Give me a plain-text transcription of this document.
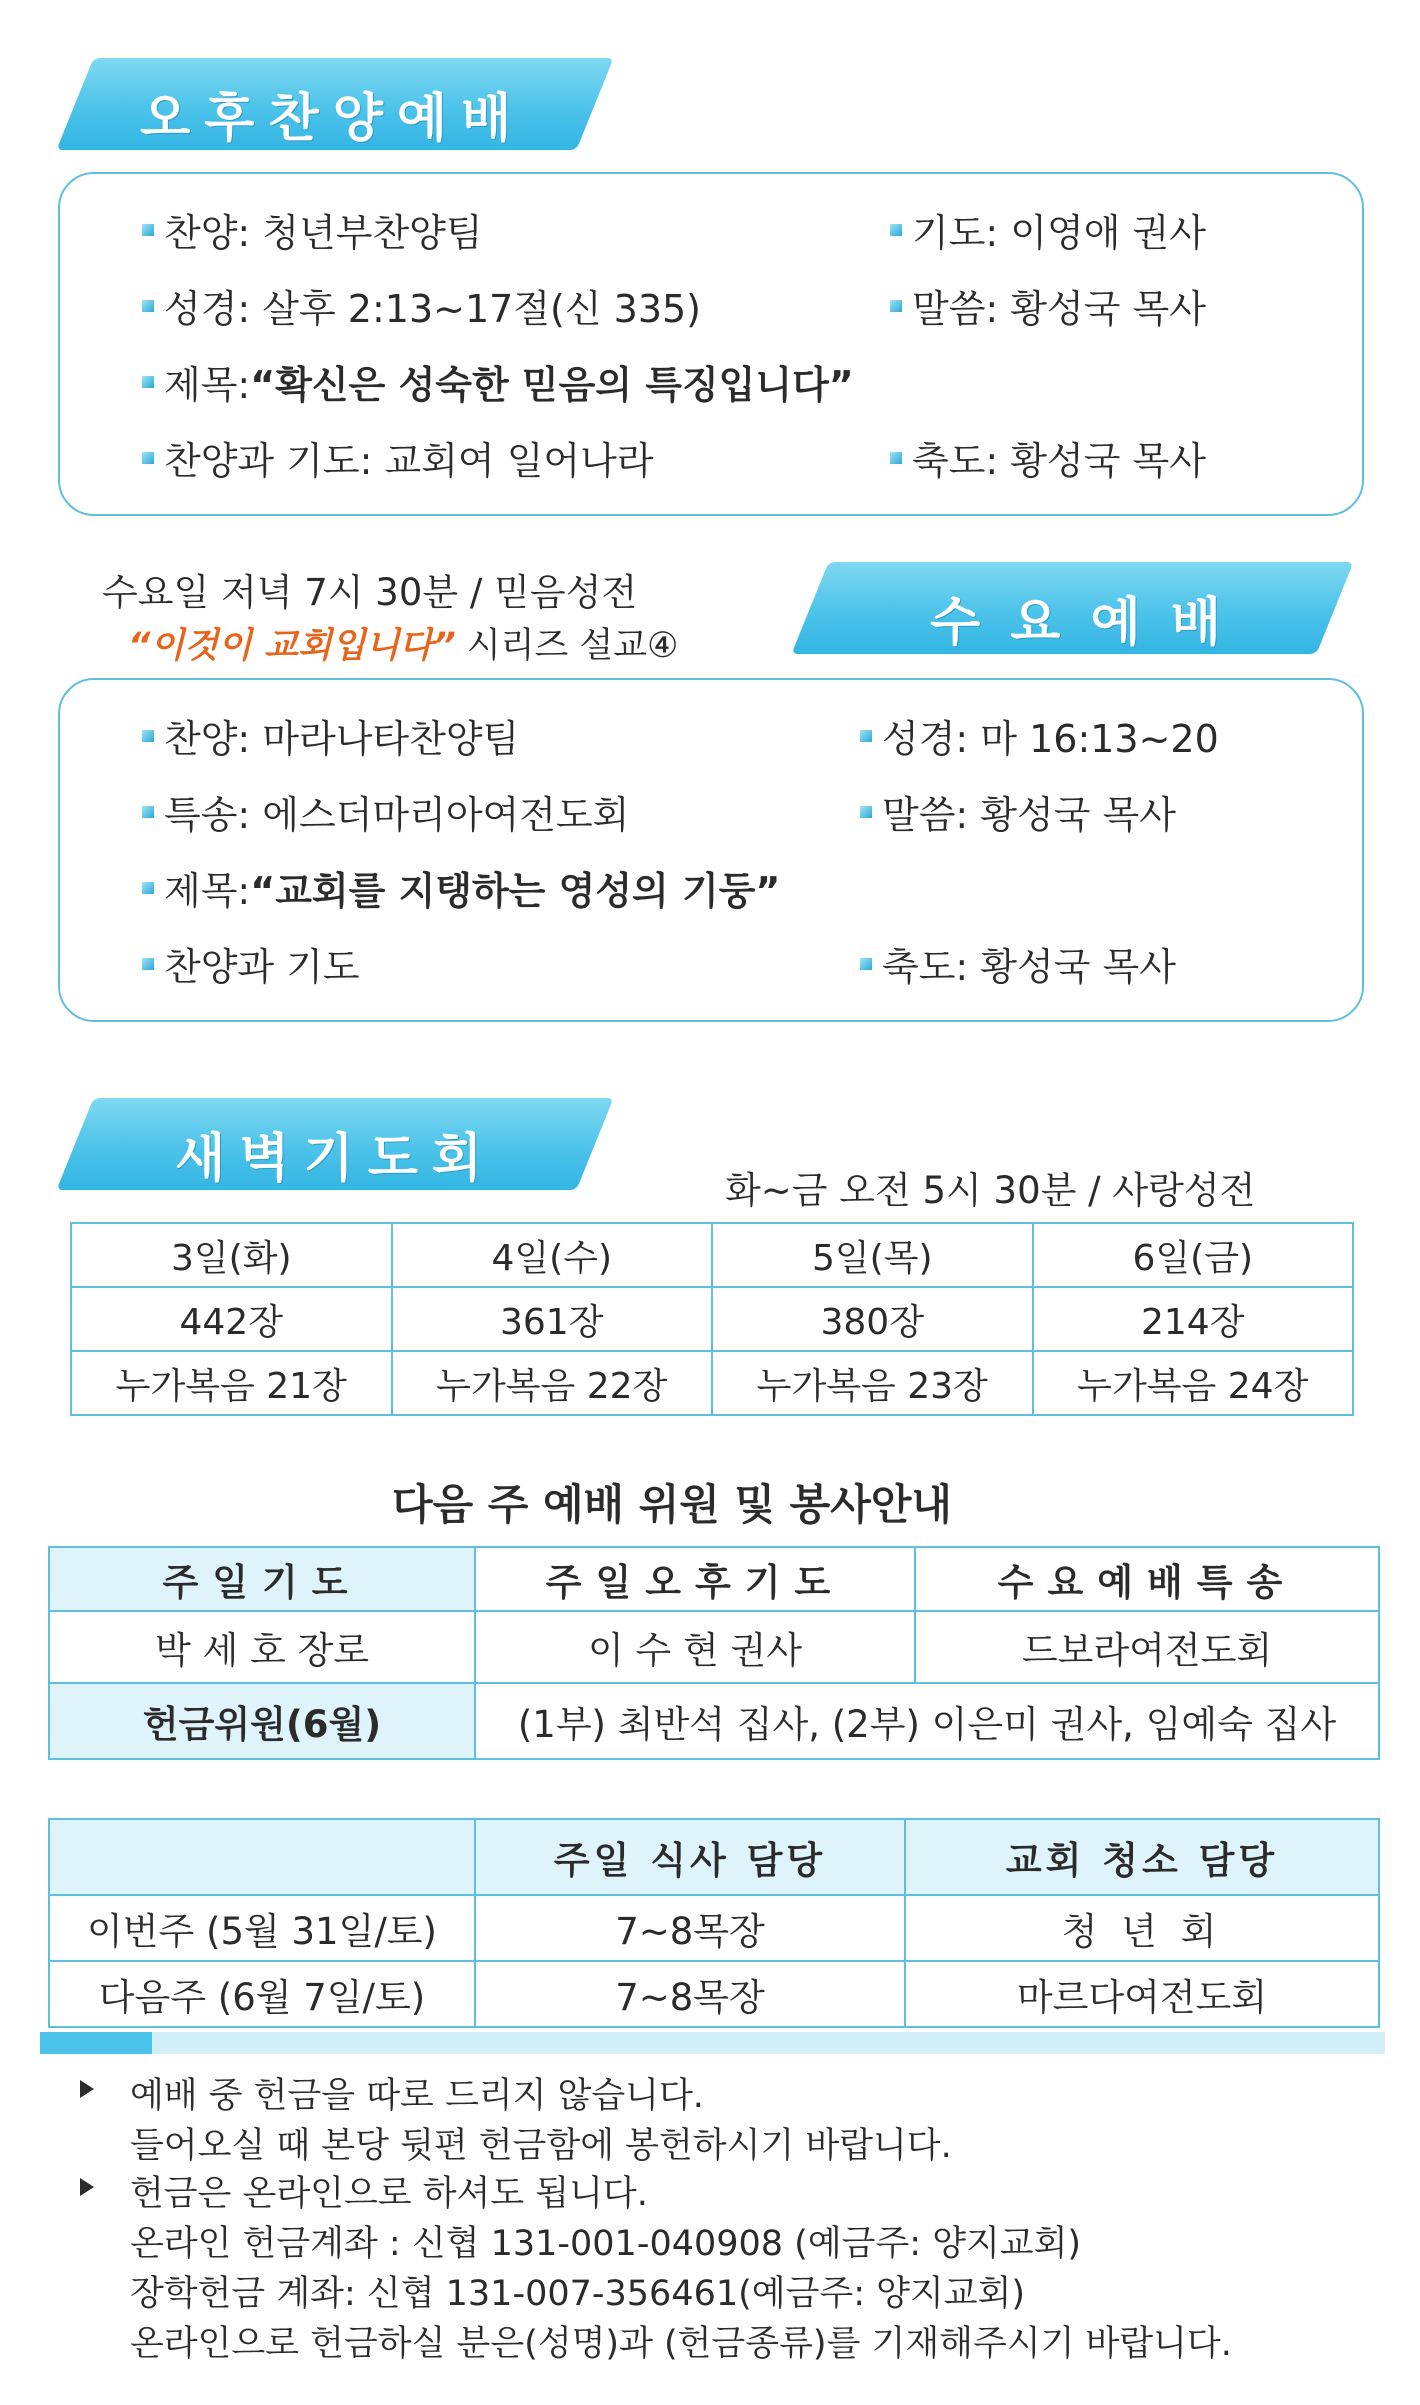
오후찬양예배
찬양: 청년부찬양팀	기도: 이영애 권사
성경: 살후 2:13~17절(신 335)	말씀: 황성국 목사
제목: “확신은 성숙한 믿음의 특징입니다”
찬양과 기도: 교회여 일어나라	축도: 황성국 목사
수요일 저녁 7시 30분 / 믿음성전
“이것이 교회입니다” 시리즈 설교④	수요예배
찬양: 마라나타찬양팀	성경: 마 16:13~20
특송: 에스더마리아여전도회	말씀: 황성국 목사
제목: “교회를 지탱하는 영성의 기둥”
찬양과 기도	축도: 황성국 목사
새벽기도회
화~금 오전 5시 30분 / 사랑성전
3일(화)	4일(수)	5일(목)	6일(금)
442장	361장	380장	214장
누가복음 21장	누가복음 22장	누가복음 23장	누가복음 24장
다음 주 예배 위원 및 봉사안내
주일기도	주일오후기도	수요예배특송
박 세 호 장로	이 수 현 권사	드보라여전도회
헌금위원(6월)	(1부) 최반석 집사, (2부) 이은미 권사, 임예숙 집사	
	주일 식사 담당	교회 청소 담당
이번주 (5월 31일/토)	7~8목장	청 년 회
다음주 (6월 7일/토)	7~8목장	마르다여전도회
예배 중 헌금을 따로 드리지 않습니다.
들어오실 때 본당 뒷편 헌금함에 봉헌하시기 바랍니다.
헌금은 온라인으로 하셔도 됩니다.
온라인 헌금계좌 : 신협 131-001-040908 (예금주: 양지교회)
장학헌금 계좌: 신협 131-007-356461(예금주: 양지교회)
온라인으로 헌금하실 분은(성명)과 (헌금종류)를 기재해주시기 바랍니다.
